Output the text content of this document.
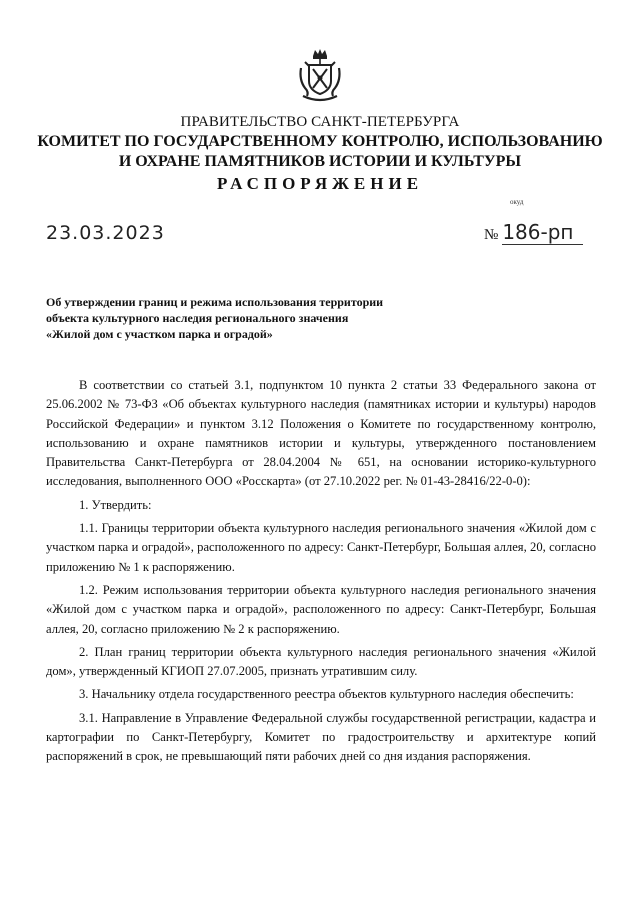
ПРАВИТЕЛЬСТВО САНКТ-ПЕТЕРБУРГА
КОМИТЕТ ПО ГОСУДАРСТВЕННОМУ КОНТРОЛЮ, ИСПОЛЬЗОВАНИЮ
И ОХРАНЕ ПАМЯТНИКОВ ИСТОРИИ И КУЛЬТУРЫ
РАСПОРЯЖЕНИЕ
окуд
23.03.2023	№ 186-рп
Об утверждении границ и режима использования территории
объекта культурного наследия регионального значения
«Жилой дом с участком парка и оградой»

В соответствии со статьей 3.1, подпунктом 10 пункта 2 статьи 33 Федерального закона от 25.06.2002 № 73-ФЗ «Об объектах культурного наследия (памятниках истории и культуры) народов Российской Федерации» и пунктом 3.12 Положения о Комитете по государственному контролю, использованию и охране памятников истории и культуры, утвержденного постановлением Правительства Санкт-Петербурга от 28.04.2004 № 651, на основании историко-культурного исследования, выполненного ООО «Росскарта» (от 27.10.2022 рег. № 01-43-28416/22-0-0):

1. Утвердить:

1.1. Границы территории объекта культурного наследия регионального значения «Жилой дом с участком парка и оградой», расположенного по адресу: Санкт-Петербург, Большая аллея, 20, согласно приложению № 1 к распоряжению.

1.2. Режим использования территории объекта культурного наследия регионального значения «Жилой дом с участком парка и оградой», расположенного по адресу: Санкт-Петербург, Большая аллея, 20, согласно приложению № 2 к распоряжению.

2. План границ территории объекта культурного наследия регионального значения «Жилой дом», утвержденный КГИОП 27.07.2005, признать утратившим силу.

3. Начальнику отдела государственного реестра объектов культурного наследия обеспечить:

3.1. Направление в Управление Федеральной службы государственной регистрации, кадастра и картографии по Санкт-Петербургу, Комитет по градостроительству и архитектуре копий распоряжений в срок, не превышающий пяти рабочих дней со дня издания распоряжения.
